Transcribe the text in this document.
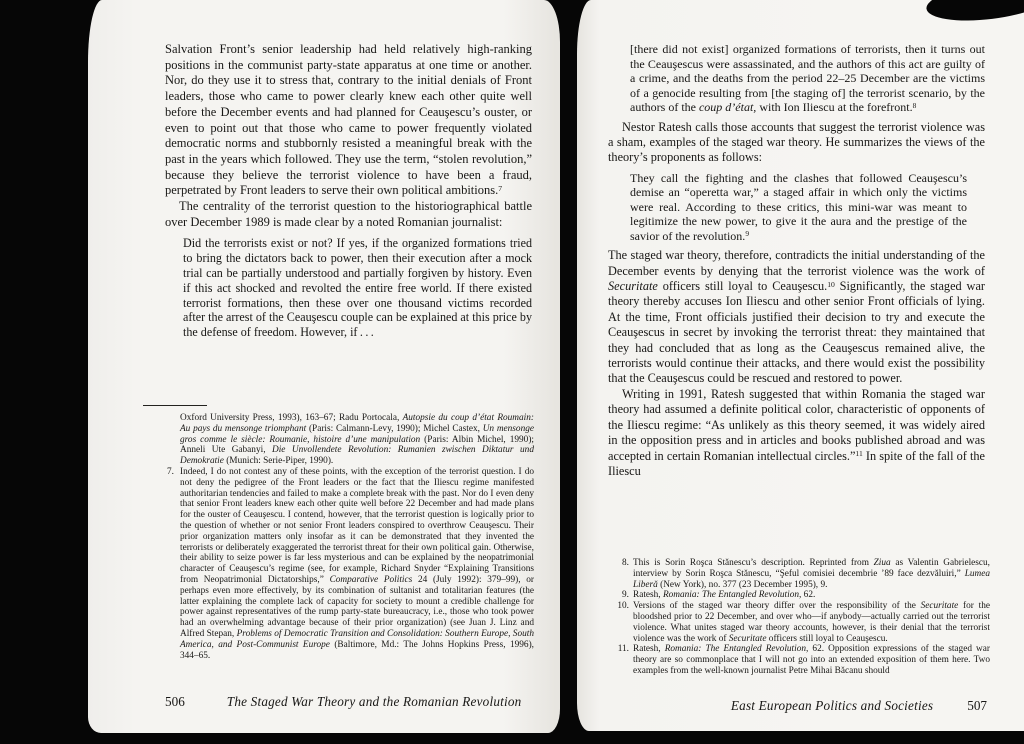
Salvation Front’s senior leadership had held relatively high-ranking positions in the communist party-state apparatus at one time or another. Nor, do they use it to stress that, contrary to the initial denials of Front leaders, those who came to power clearly knew each other quite well before the December events and had planned for Ceauşescu’s ouster, or even to point out that those who came to power frequently violated democratic norms and stubbornly resisted a meaningful break with the past in the years which followed. They use the term, “stolen revolution,” because they believe the terrorist violence to have been a fraud, perpetrated by Front leaders to serve their own political ambitions.$^7$

The centrality of the terrorist question to the historiographical battle over December 1989 is made clear by a noted Romanian journalist:

Did the terrorists exist or not? If yes, if the organized formations tried to bring the dictators back to power, then their execution after a mock trial can be partially understood and partially forgiven by history. Even if this act shocked and revolted the entire free world. If there existed terrorist formations, then these over one thousand victims recorded after the arrest of the Ceauşescu couple can be explained at this price by the defense of freedom. However, if . . .
Oxford University Press, 1993), 163–67; Radu Portocala, Autopsie du coup d’état Roumain: Au pays du mensonge triomphant (Paris: Calmann-Levy, 1990); Michel Castex, Un mensonge gros comme le siècle: Roumanie, histoire d’une manipulation (Paris: Albin Michel, 1990); Anneli Ute Gabanyi, Die Unvollendete Revolution: Rumanien zwischen Diktatur und Demokratie (Munich: Serie-Piper, 1990).
7. Indeed, I do not contest any of these points, with the exception of the terrorist question. I do not deny the pedigree of the Front leaders or the fact that the Iliescu regime manifested authoritarian tendencies and failed to make a complete break with the past. Nor do I even deny that senior Front leaders knew each other quite well before 22 December and had made plans for the ouster of Ceauşescu. I contend, however, that the terrorist question is logically prior to the question of whether or not senior Front leaders conspired to overthrow Ceauşescu. Their prior organization matters only insofar as it can be demonstrated that they invented the terrorists or deliberately exaggerated the terrorist threat for their own political gain. Otherwise, their ability to seize power is far less mysterious and can be explained by the neopatrimonial character of Ceauşescu’s regime (see, for example, Richard Snyder “Explaining Transitions from Neopatrimonial Dictatorships,” Comparative Politics 24 (July 1992): 379–99), or perhaps even more effectively, by its combination of sultanist and totalitarian features (the latter explaining the complete lack of capacity for society to mount a credible challenge for power against representatives of the rump party-state bureaucracy, i.e., those who took power had an overwhelming advantage because of their prior organization) (see Juan J. Linz and Alfred Stepan, Problems of Democratic Transition and Consolidation: Southern Europe, South America, and Post-Communist Europe (Baltimore, Md.: The Johns Hopkins Press, 1996), 344–65.
506	The Staged War Theory and the Romanian Revolution
[there did not exist] organized formations of terrorists, then it turns out the Ceauşescus were assassinated, and the authors of this act are guilty of a crime, and the deaths from the period 22–25 December are the victims of a genocide resulting from [the staging of] the terrorist scenario, by the authors of the coup d’état, with Ion Iliescu at the forefront.$^8$

Nestor Ratesh calls those accounts that suggest the terrorist violence was a sham, examples of the staged war theory. He summarizes the views of the theory’s proponents as follows:

They call the fighting and the clashes that followed Ceauşescu’s demise an “operetta war,” a staged affair in which only the victims were real. According to these critics, this mini-war was meant to legitimize the new power, to give it the aura and the prestige of the savior of the revolution.$^9$

The staged war theory, therefore, contradicts the initial understanding of the December events by denying that the terrorist violence was the work of Securitate officers still loyal to Ceauşescu.$^{10}$ Significantly, the staged war theory thereby accuses Ion Iliescu and other senior Front officials of lying. At the time, Front officials justified their decision to try and execute the Ceauşescus in secret by invoking the terrorist threat: they maintained that they had concluded that as long as the Ceauşescus remained alive, the terrorists would continue their attacks, and there would exist the possibility that the Ceauşescus could be rescued and restored to power.

Writing in 1991, Ratesh suggested that within Romania the staged war theory had assumed a definite political color, characteristic of opponents of the Iliescu regime: “As unlikely as this theory seemed, it was widely aired in the opposition press and in articles and books published abroad and was accepted in certain Romanian intellectual circles.”$^{11}$ In spite of the fall of the Iliescu

8. This is Sorin Roşca Stănescu’s description. Reprinted from Ziua as Valentin Gabrielescu, interview by Sorin Roşca Stănescu, “Şeful comisiei decembrie ’89 face dezvăluiri,” Lumea Liberă (New York), no. 377 (23 December 1995), 9.
9. Ratesh, Romania: The Entangled Revolution, 62.
10. Versions of the staged war theory differ over the responsibility of the Securitate for the bloodshed prior to 22 December, and over who—if anybody—actually carried out the terrorist violence. What unites staged war theory accounts, however, is their denial that the terrorist violence was the work of Securitate officers still loyal to Ceauşescu.
11. Ratesh, Romania: The Entangled Revolution, 62. Opposition expressions of the staged war theory are so commonplace that I will not go into an extended exposition of them here. Two examples from the well-known journalist Petre Mihai Băcanu should
East European Politics and Societies	507
